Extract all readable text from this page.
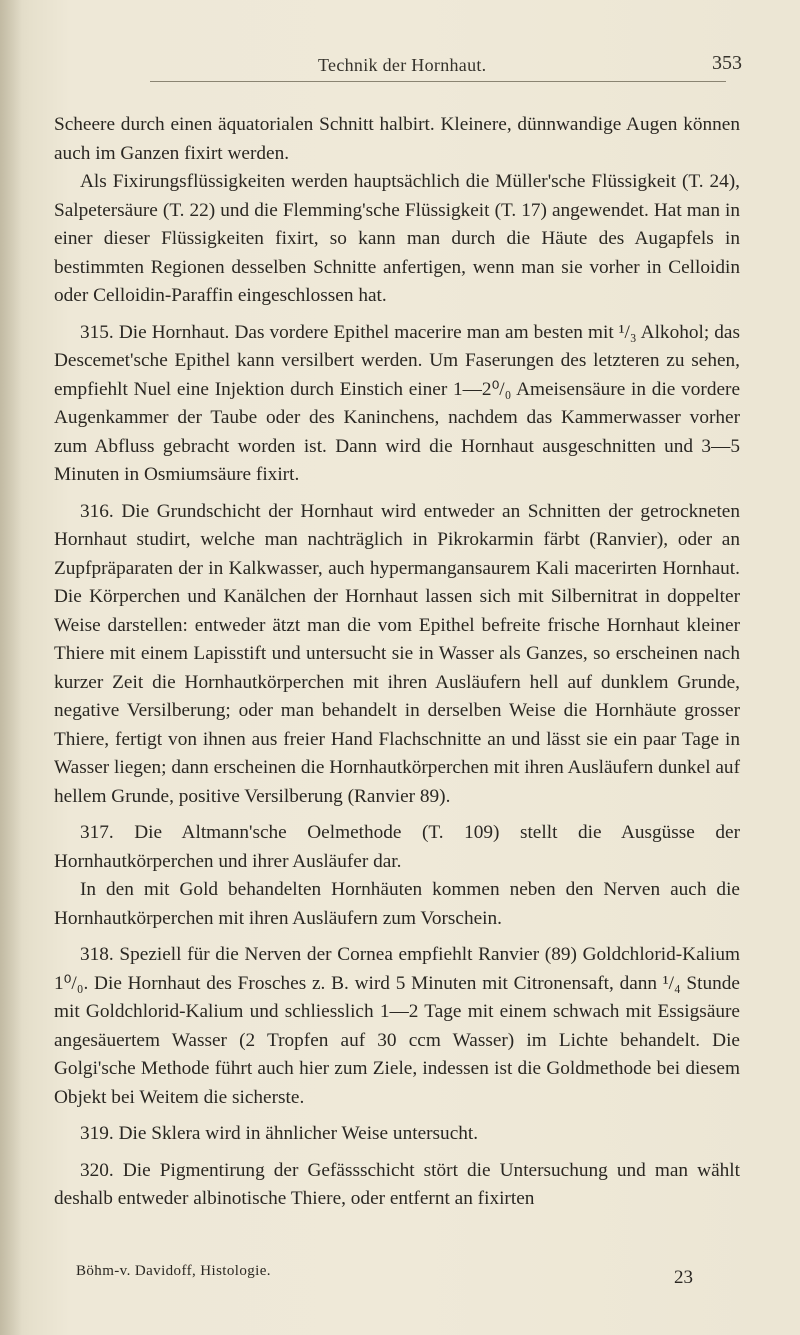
Technik der Hornhaut.	353

Scheere durch einen äquatorialen Schnitt halbirt. Kleinere, dünnwandige Augen können auch im Ganzen fixirt werden.

Als Fixirungsflüssigkeiten werden hauptsächlich die Müller'sche Flüssigkeit (T. 24), Salpetersäure (T. 22) und die Flemming'sche Flüssigkeit (T. 17) angewendet. Hat man in einer dieser Flüssigkeiten fixirt, so kann man durch die Häute des Augapfels in bestimmten Regionen desselben Schnitte anfertigen, wenn man sie vorher in Celloidin oder Celloidin-Paraffin eingeschlossen hat.

315. Die Hornhaut. Das vordere Epithel macerire man am besten mit ¹/₃ Alkohol; das Descemet'sche Epithel kann versilbert werden. Um Faserungen des letzteren zu sehen, empfiehlt Nuel eine Injektion durch Einstich einer 1—2⁰/₀ Ameisensäure in die vordere Augenkammer der Taube oder des Kaninchens, nachdem das Kammerwasser vorher zum Abfluss gebracht worden ist. Dann wird die Hornhaut ausgeschnitten und 3—5 Minuten in Osmiumsäure fixirt.

316. Die Grundschicht der Hornhaut wird entweder an Schnitten der getrockneten Hornhaut studirt, welche man nachträglich in Pikrokarmin färbt (Ranvier), oder an Zupfpräparaten der in Kalkwasser, auch hypermangansaurem Kali macerirten Hornhaut. Die Körperchen und Kanälchen der Hornhaut lassen sich mit Silbernitrat in doppelter Weise darstellen: entweder ätzt man die vom Epithel befreite frische Hornhaut kleiner Thiere mit einem Lapisstift und untersucht sie in Wasser als Ganzes, so erscheinen nach kurzer Zeit die Hornhautkörperchen mit ihren Ausläufern hell auf dunklem Grunde, negative Versilberung; oder man behandelt in derselben Weise die Hornhäute grosser Thiere, fertigt von ihnen aus freier Hand Flachschnitte an und lässt sie ein paar Tage in Wasser liegen; dann erscheinen die Hornhautkörperchen mit ihren Ausläufern dunkel auf hellem Grunde, positive Versilberung (Ranvier 89).

317. Die Altmann'sche Oelmethode (T. 109) stellt die Ausgüsse der Hornhautkörperchen und ihrer Ausläufer dar.

In den mit Gold behandelten Hornhäuten kommen neben den Nerven auch die Hornhautkörperchen mit ihren Ausläufern zum Vorschein.

318. Speziell für die Nerven der Cornea empfiehlt Ranvier (89) Goldchlorid-Kalium 1⁰/₀. Die Hornhaut des Frosches z. B. wird 5 Minuten mit Citronensaft, dann ¹/₄ Stunde mit Goldchlorid-Kalium und schliesslich 1—2 Tage mit einem schwach mit Essigsäure angesäuertem Wasser (2 Tropfen auf 30 ccm Wasser) im Lichte behandelt. Die Golgi'sche Methode führt auch hier zum Ziele, indessen ist die Goldmethode bei diesem Objekt bei Weitem die sicherste.

319. Die Sklera wird in ähnlicher Weise untersucht.

320. Die Pigmentirung der Gefässschicht stört die Untersuchung und man wählt deshalb entweder albinotische Thiere, oder entfernt an fixirten

Böhm-v. Davidoff, Histologie.	23
